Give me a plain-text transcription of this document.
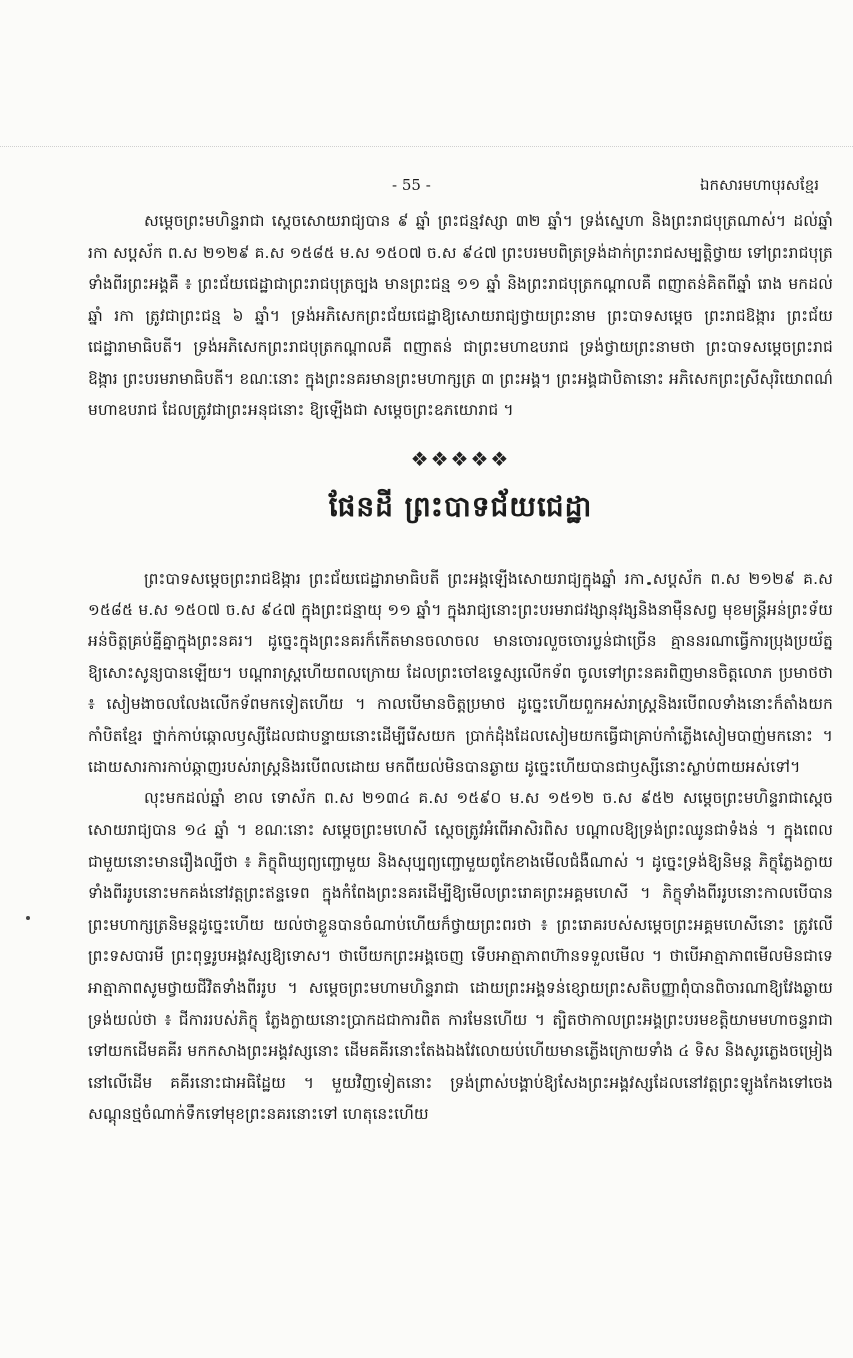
- 55 -	ឯកសារមហាបុរសខ្មែរ

សម្តេចព្រះមហិន្ទរាជា ស្តេចសោយរាជ្យបាន ៩ ឆ្នាំ ព្រះជន្មវស្សា ៣២ ឆ្នាំ។ ទ្រង់ស្នេហា និងព្រះរាជបុត្រណាស់។ ដល់ឆ្នាំ រកា សប្តស័ក ព.ស ២១២៩ គ.ស ១៥៨៥ ម.ស ១៥០៧ ច.ស ៩៤៧ ព្រះបរមបពិត្រទ្រង់ដាក់ព្រះរាជសម្បត្តិថ្វាយ ទៅព្រះរាជបុត្រទាំងពីរព្រះអង្គគឺ ៖ ព្រះជ័យជេដ្ឋាជាព្រះរាជបុត្រច្បង មានព្រះជន្ម ១១ ឆ្នាំ និងព្រះរាជបុត្រកណ្តាលគឺ ពញាតន់គិតពីឆ្នាំ រោង មកដល់ឆ្នាំ រកា ត្រូវជាព្រះជន្ម ៦ ឆ្នាំ។ ទ្រង់អភិសេកព្រះជ័យជេដ្ឋាឱ្យសោយរាជ្យថ្វាយព្រះនាម ព្រះបាទសម្តេច ព្រះរាជឱង្ការ ព្រះជ័យជេដ្ឋារាមាធិបតី។ ទ្រង់អភិសេកព្រះរាជបុត្រកណ្តាលគឺ ពញាតន់ ជាព្រះមហាឧបរាជ ទ្រង់ថ្វាយព្រះនាមថា ព្រះបាទសម្តេចព្រះរាជឱង្ការ ព្រះបរមរាមាធិបតី។ ខណៈនោះ ក្នុងព្រះនគរមានព្រះមហាក្សត្រ ៣ ព្រះអង្គ។ ព្រះអង្គជាបិតានោះ អភិសេកព្រះស្រីសុរិយោពណ៌ មហាឧបរាជ ដែលត្រូវជាព្រះអនុជនោះ ឱ្យឡើងជា សម្តេចព្រះឧភយោរាជ ។

❖❖❖❖❖
ផែនដី ព្រះបាទជ័យជេដ្ឋា

ព្រះបាទសម្តេចព្រះរាជឱង្ការ ព្រះជ័យជេដ្ឋារាមាធិបតី ព្រះអង្គឡើងសោយរាជ្យក្នុងឆ្នាំ រកា សប្តស័ក ព.ស ២១២៩ គ.ស ១៥៨៥ ម.ស ១៥០៧ ច.ស ៩៤៧ ក្នុងព្រះជន្មាយុ ១១ ឆ្នាំ។ ក្នុងរាជ្យនោះព្រះបរមរាជវង្សានុវង្សនិងនាម៉ឺនសព្វ មុខមន្ត្រីអន់ព្រះទ័យ អន់ចិត្តគ្រប់គ្នីគ្នាក្នុងព្រះនគរ។ ដូច្នេះក្នុងព្រះនគរក៏កើតមានចលាចល មានចោរលួចចោរប្លន់ជាច្រើន គ្មាននរណាធ្វើការប្រុងប្រយ័ត្ន ឱ្យសោះសូន្យបានឡើយ។ បណ្តារាស្ត្រហើយពលក្រោយ ដែលព្រះចៅឧទ្ទេស្សលើកទ័ព ចូលទៅព្រះនគរពិញមានចិត្តលោភ ប្រមាថថា ៖ សៀមងាចលលែងលើកទ័ពមកទៀតហើយ ។ កាលបើមានចិត្តប្រមាថ ដូច្នេះហើយពួកអស់រាស្ត្រនិងរបើពលទាំងនោះក៏តាំងយកកាំបិតខ្មែរ ថ្នាក់កាប់ឆ្កោលឫស្សីដែលជាបន្ទាយនោះដើម្បីរើសយក ប្រាក់ដុំងដែលសៀមយកធ្វើជាគ្រាប់កាំភ្លើងសៀមបាញ់មកនោះ ។ ដោយសារការកាប់ឆ្កាញរបស់រាស្ត្រនិងរបើពលដោយ មកពីយល់មិនបានឆ្ងាយ ដូច្នេះហើយបានជាឫស្សីនោះស្លាប់ពាយអស់ទៅ។

លុះមកដល់ឆ្នាំ ខាល ទោស័ក ព.ស ២១៣៤ គ.ស ១៥៩០ ម.ស ១៥១២ ច.ស ៩៥២ សម្តេចព្រះមហិន្ទរាជាស្តេច សោយរាជ្យបាន ១៤ ឆ្នាំ ។ ខណៈនោះ សម្តេចព្រះមហេសី ស្តេចត្រូវអំពើអាសិរពិស បណ្តាលឱ្យទ្រង់ព្រះឈូនជាទំងន់ ។ ក្នុងពេលជាមួយនោះមានរឿងល្បីថា ៖ ភិក្ខុពិឃ្យព្យញ្ជោមួយ និងសុប្បព្យញ្ជោមួយពូកែខាងមើលជំងឺណាស់ ។ ដូច្នេះទ្រង់ឱ្យនិមន្ត ភិក្ខុភ្លែងក្លាយទាំងពីររូបនោះមកគង់នៅវត្តព្រះឥន្ទទេព ក្នុងកំពែងព្រះនគរដើម្បីឱ្យមើលព្រះរោគព្រះអគ្គមហេសី ។ ភិក្ខុទាំងពីររូបនោះកាលបើបាន ព្រះមហាក្សត្រនិមន្តដូច្នេះហើយ យល់ថាខ្លួនបានចំណាប់ហើយក៏ថ្វាយព្រះពរថា ៖ ព្រះរោគរបស់សម្តេចព្រះអគ្គមហេសីនោះ ត្រូវលើព្រះទសបារមី ព្រះពុទ្ធរូបអង្គវស្សឱ្យទោស។ ថាបើយកព្រះអង្គចេញ ទើបអាត្មាភាពហ៊ានទទួលមើល ។ ថាបើអាត្មាភាពមើលមិនជាទេ អាត្មាភាពសូមថ្វាយជីវិតទាំងពីររូប ។ សម្តេចព្រះមហាមហិន្ទរាជា ដោយព្រះអង្គទន់ខ្សោយព្រះសតិបញ្ញាពុំបានពិចារណាឱ្យវែងឆ្ងាយ ទ្រង់យល់ថា ៖ ជីការរបស់ភិក្ខុ ភ្លែងក្លាយនោះប្រាកដជាការពិត ការមែនហើយ ។ ត្បិតថាកាលព្រះអង្គព្រះបរមខត្តិយាមមហាចន្ទរាជា ទៅយកដើមគគីរ មកកសាងព្រះអង្គវស្សនោះ ដើមគគីរនោះតែងឯងវែលោយប់ហើយមានភ្លើងក្រោយទាំង ៤ ទិស និងសូរភ្លេងចម្រៀងនៅលើដើម គគីរនោះជាអធិដ្ឋែយ ។ មួយវិញទៀតនោះ ទ្រង់ព្រាស់បង្គាប់ឱ្យសែងព្រះអង្គវស្សដែលនៅវត្តព្រះឡូងកែងទៅចេង សណ្តុនថ្មចំណាក់ទឹកទៅមុខព្រះនគរនោះទៅ ហេតុនេះហើយ
